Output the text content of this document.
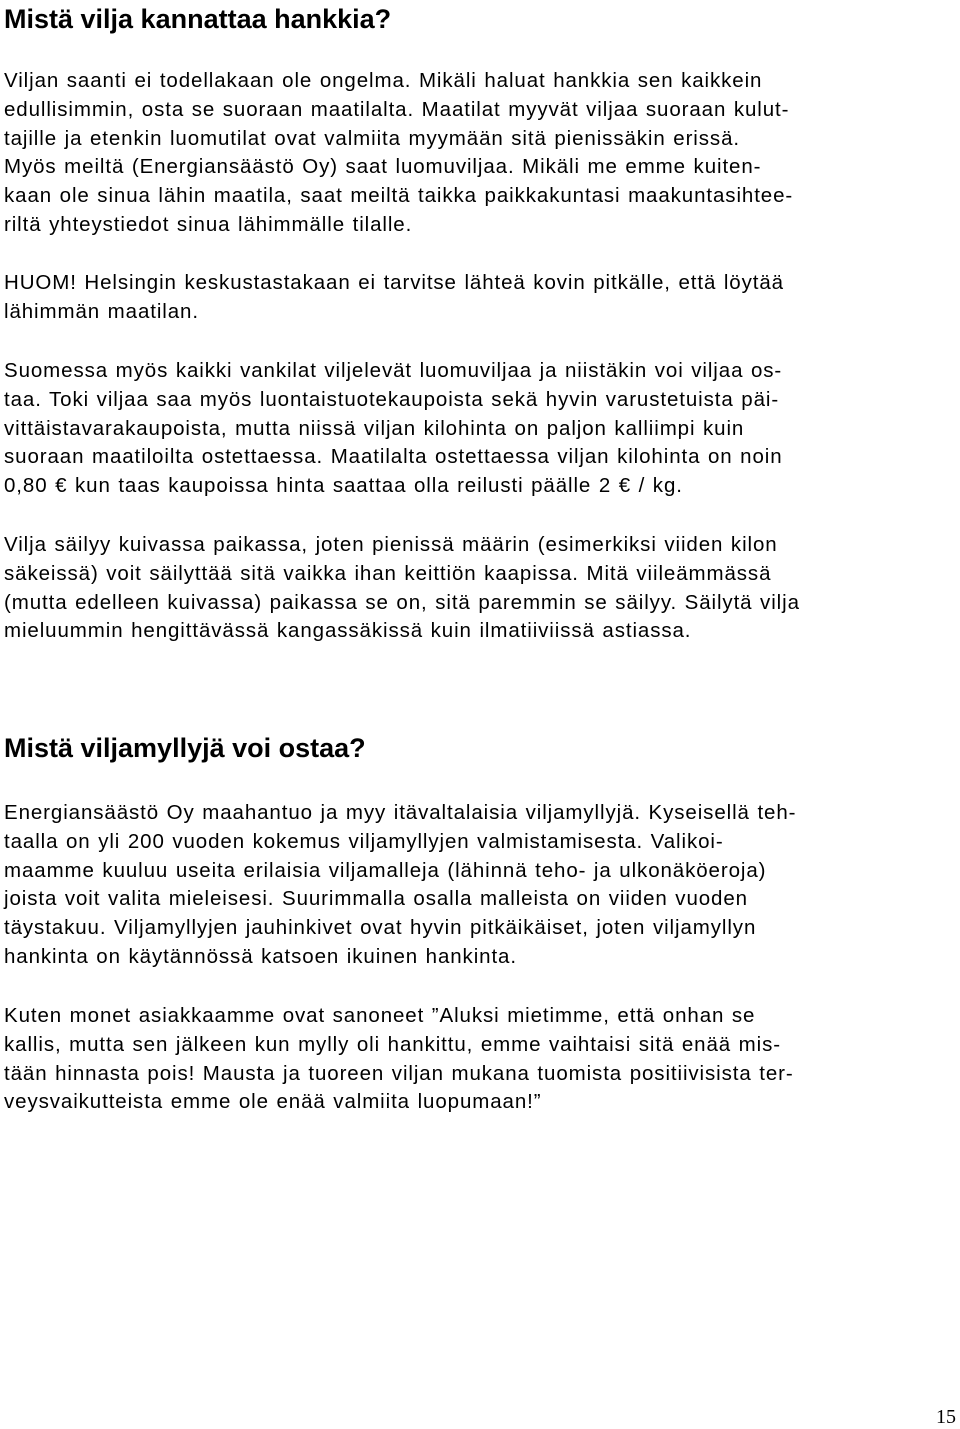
Mistä vilja kannattaa hankkia?

Viljan saanti ei todellakaan ole ongelma. Mikäli haluat hankkia sen kaikkein
edullisimmin, osta se suoraan maatilalta. Maatilat myyvät viljaa suoraan kulut-
tajille ja etenkin luomutilat ovat valmiita myymään sitä pienissäkin erissä.
Myös meiltä (Energiansäästö Oy) saat luomuviljaa. Mikäli me emme kuiten-
kaan ole sinua lähin maatila, saat meiltä taikka paikkakuntasi maakuntasihtee-
riltä yhteystiedot sinua lähimmälle tilalle.

HUOM! Helsingin keskustastakaan ei tarvitse lähteä kovin pitkälle, että löytää
lähimmän maatilan.

Suomessa myös kaikki vankilat viljelevät luomuviljaa ja niistäkin voi viljaa os-
taa. Toki viljaa saa myös luontaistuotekaupoista sekä hyvin varustetuista päi-
vittäistavarakaupoista, mutta niissä viljan kilohinta on paljon kalliimpi kuin
suoraan maatiloilta ostettaessa. Maatilalta ostettaessa viljan kilohinta on noin
0,80 € kun taas kaupoissa hinta saattaa olla reilusti päälle 2 € / kg.

Vilja säilyy kuivassa paikassa, joten pienissä määrin (esimerkiksi viiden kilon
säkeissä) voit säilyttää sitä vaikka ihan keittiön kaapissa. Mitä viileämmässä
(mutta edelleen kuivassa) paikassa se on, sitä paremmin se säilyy. Säilytä vilja
mieluummin hengittävässä kangassäkissä kuin ilmatiiviissä astiassa.

Mistä viljamyllyjä voi ostaa?

Energiansäästö Oy maahantuo ja myy itävaltalaisia viljamyllyjä. Kyseisellä teh-
taalla on yli 200 vuoden kokemus viljamyllyjen valmistamisesta. Valikoi-
maamme kuuluu useita erilaisia viljamalleja (lähinnä teho- ja ulkonäköeroja)
joista voit valita mieleisesi. Suurimmalla osalla malleista on viiden vuoden
täystakuu. Viljamyllyjen jauhinkivet ovat hyvin pitkäikäiset, joten viljamyllyn
hankinta on käytännössä katsoen ikuinen hankinta.

Kuten monet asiakkaamme ovat sanoneet ”Aluksi mietimme, että onhan se
kallis, mutta sen jälkeen kun mylly oli hankittu, emme vaihtaisi sitä enää mis-
tään hinnasta pois! Mausta ja tuoreen viljan mukana tuomista positiivisista ter-
veysvaikutteista emme ole enää valmiita luopumaan!”

15
